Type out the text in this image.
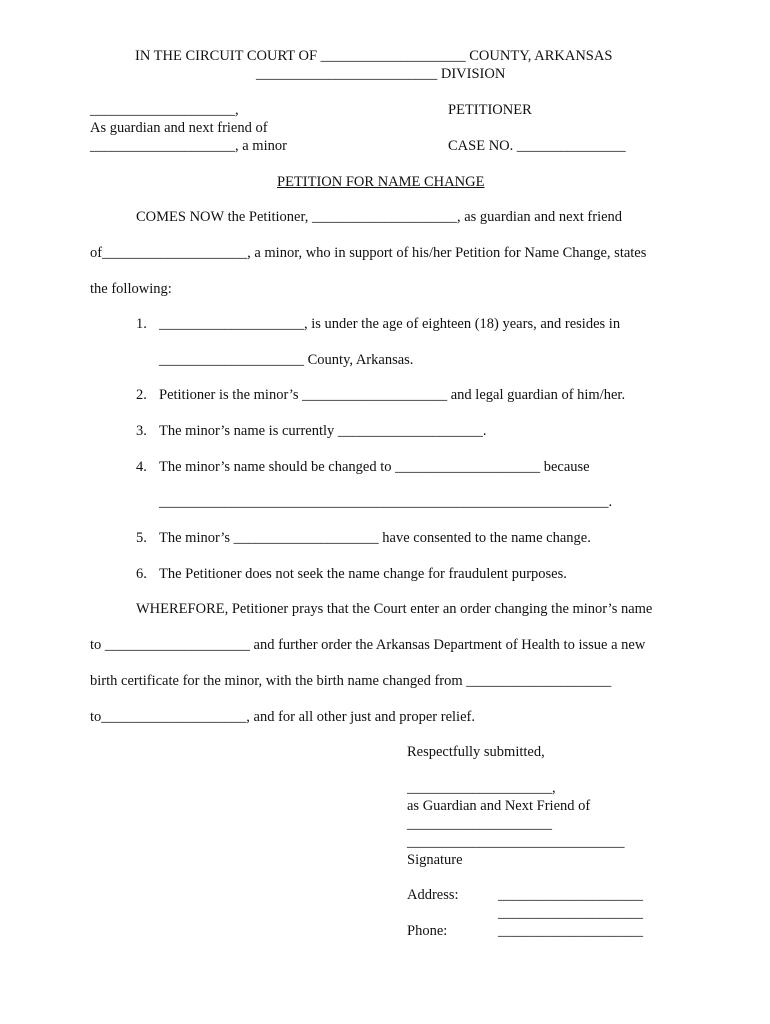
IN THE CIRCUIT COURT OF ____________________ COUNTY, ARKANSAS
_________________________ DIVISION
____________________,
As guardian and next friend of
____________________, a minor
PETITIONER
CASE NO. _______________
PETITION FOR NAME CHANGE
COMES NOW the Petitioner, ____________________, as guardian and next friend
of____________________, a minor, who in support of his/her Petition for Name Change, states
the following:
1. ____________________, is under the age of eighteen (18) years, and resides in
____________________ County, Arkansas.
2. Petitioner is the minor’s ____________________ and legal guardian of him/her.
3. The minor’s name is currently ____________________.
4. The minor’s name should be changed to ____________________ because
______________________________________________________________.
5. The minor’s ____________________ have consented to the name change.
6. The Petitioner does not seek the name change for fraudulent purposes.
WHEREFORE, Petitioner prays that the Court enter an order changing the minor’s name
to ____________________ and further order the Arkansas Department of Health to issue a new
birth certificate for the minor, with the birth name changed from ____________________
to____________________, and for all other just and proper relief.
Respectfully submitted,
____________________,
as Guardian and Next Friend of
____________________
______________________________
Signature
Address:	____________________
____________________
Phone:	____________________
